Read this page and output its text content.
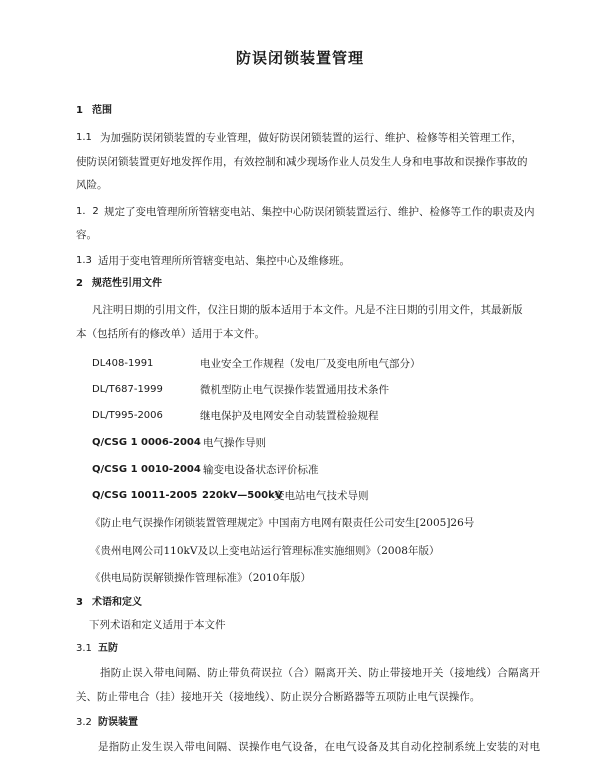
防误闭锁装置管理
1 范围
1.1 为加强防误闭锁装置的专业管理，做好防误闭锁装置的运行、维护、检修等相关管理工作，
使防误闭锁装置更好地发挥作用，有效控制和减少现场作业人员发生人身和电事故和误操作事故的
风险。
1．2 规定了变电管理所所管辖变电站、集控中心防误闭锁装置运行、维护、检修等工作的职责及内
容。
1.3 适用于变电管理所所管辖变电站、集控中心及维修班。
2 规范性引用文件
凡注明日期的引用文件，仅注日期的版本适用于本文件。凡是不注日期的引用文件，其最新版
本（包括所有的修改单）适用于本文件。
DL408-1991	电业安全工作规程（发电厂及变电所电气部分）
DL/T687-1999	微机型防止电气误操作装置通用技术条件
DL/T995-2006	继电保护及电网安全自动装置检验规程
Q/CSG 1 0006-2004 电气操作导则
Q/CSG 1 0010-2004 输变电设备状态评价标准
Q/CSG 10011-2005 220kV—500kV
变电站电气技术导则
《防止电气误操作闭锁装置管理规定》中国南方电网有限责任公司安生[2005]26号
《贵州电网公司110kV及以上变电站运行管理标准实施细则》（2008年版）
《供电局防误解锁操作管理标准》（2010年版）
3 术语和定义
下列术语和定义适用于本文件
3.1 五防
指防止误入带电间隔、防止带负荷误拉（合）隔离开关、防止带接地开关（接地线）合隔离开
关、防止带电合（挂）接地开关（接地线）、防止误分合断路器等五项防止电气误操作。
3.2 防误装置
是指防止发生误入带电间隔、误操作电气设备，在电气设备及其自动化控制系统上安装的对电
